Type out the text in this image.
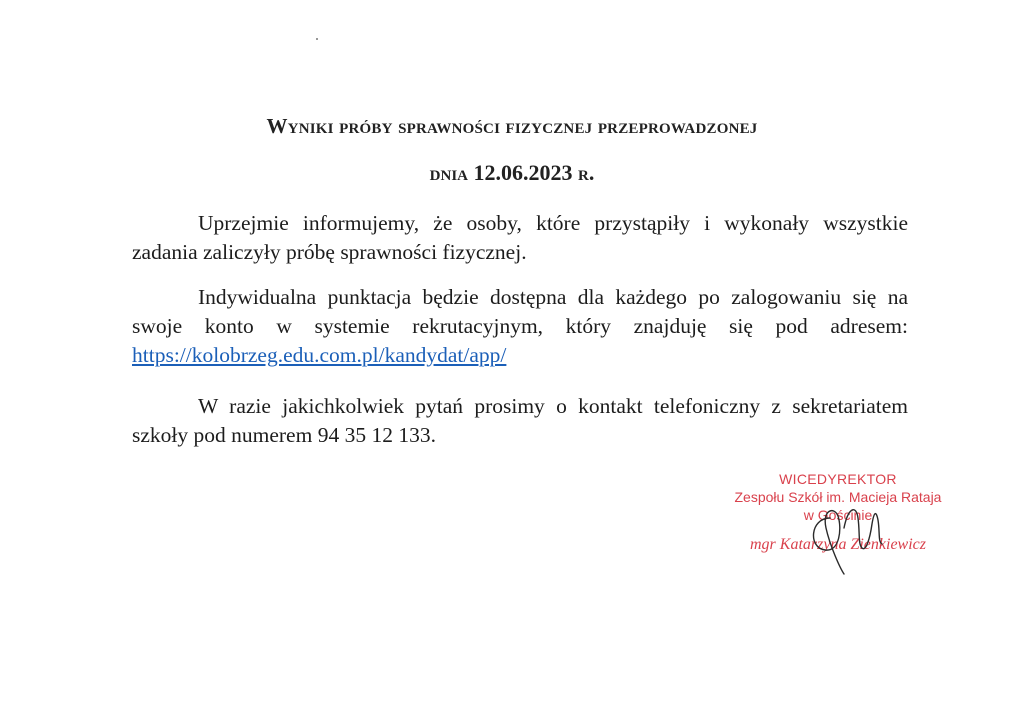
Wyniki próby sprawności fizycznej przeprowadzonej
dnia 12.06.2023 r.
Uprzejmie informujemy, że osoby, które przystąpiły i wykonały wszystkie zadania zaliczyły próbę sprawności fizycznej.
Indywidualna punktacja będzie dostępna dla każdego po zalogowaniu się na swoje konto w systemie rekrutacyjnym, który znajduję się pod adresem: https://kolobrzeg.edu.com.pl/kandydat/app/
W razie jakichkolwiek pytań prosimy o kontakt telefoniczny z sekretariatem szkoły pod numerem 94 35 12 133.
WICEDYREKTOR
Zespołu Szkół im. Macieja Rataja
w Gościnie
mgr Katarzyna Zienkiewicz
